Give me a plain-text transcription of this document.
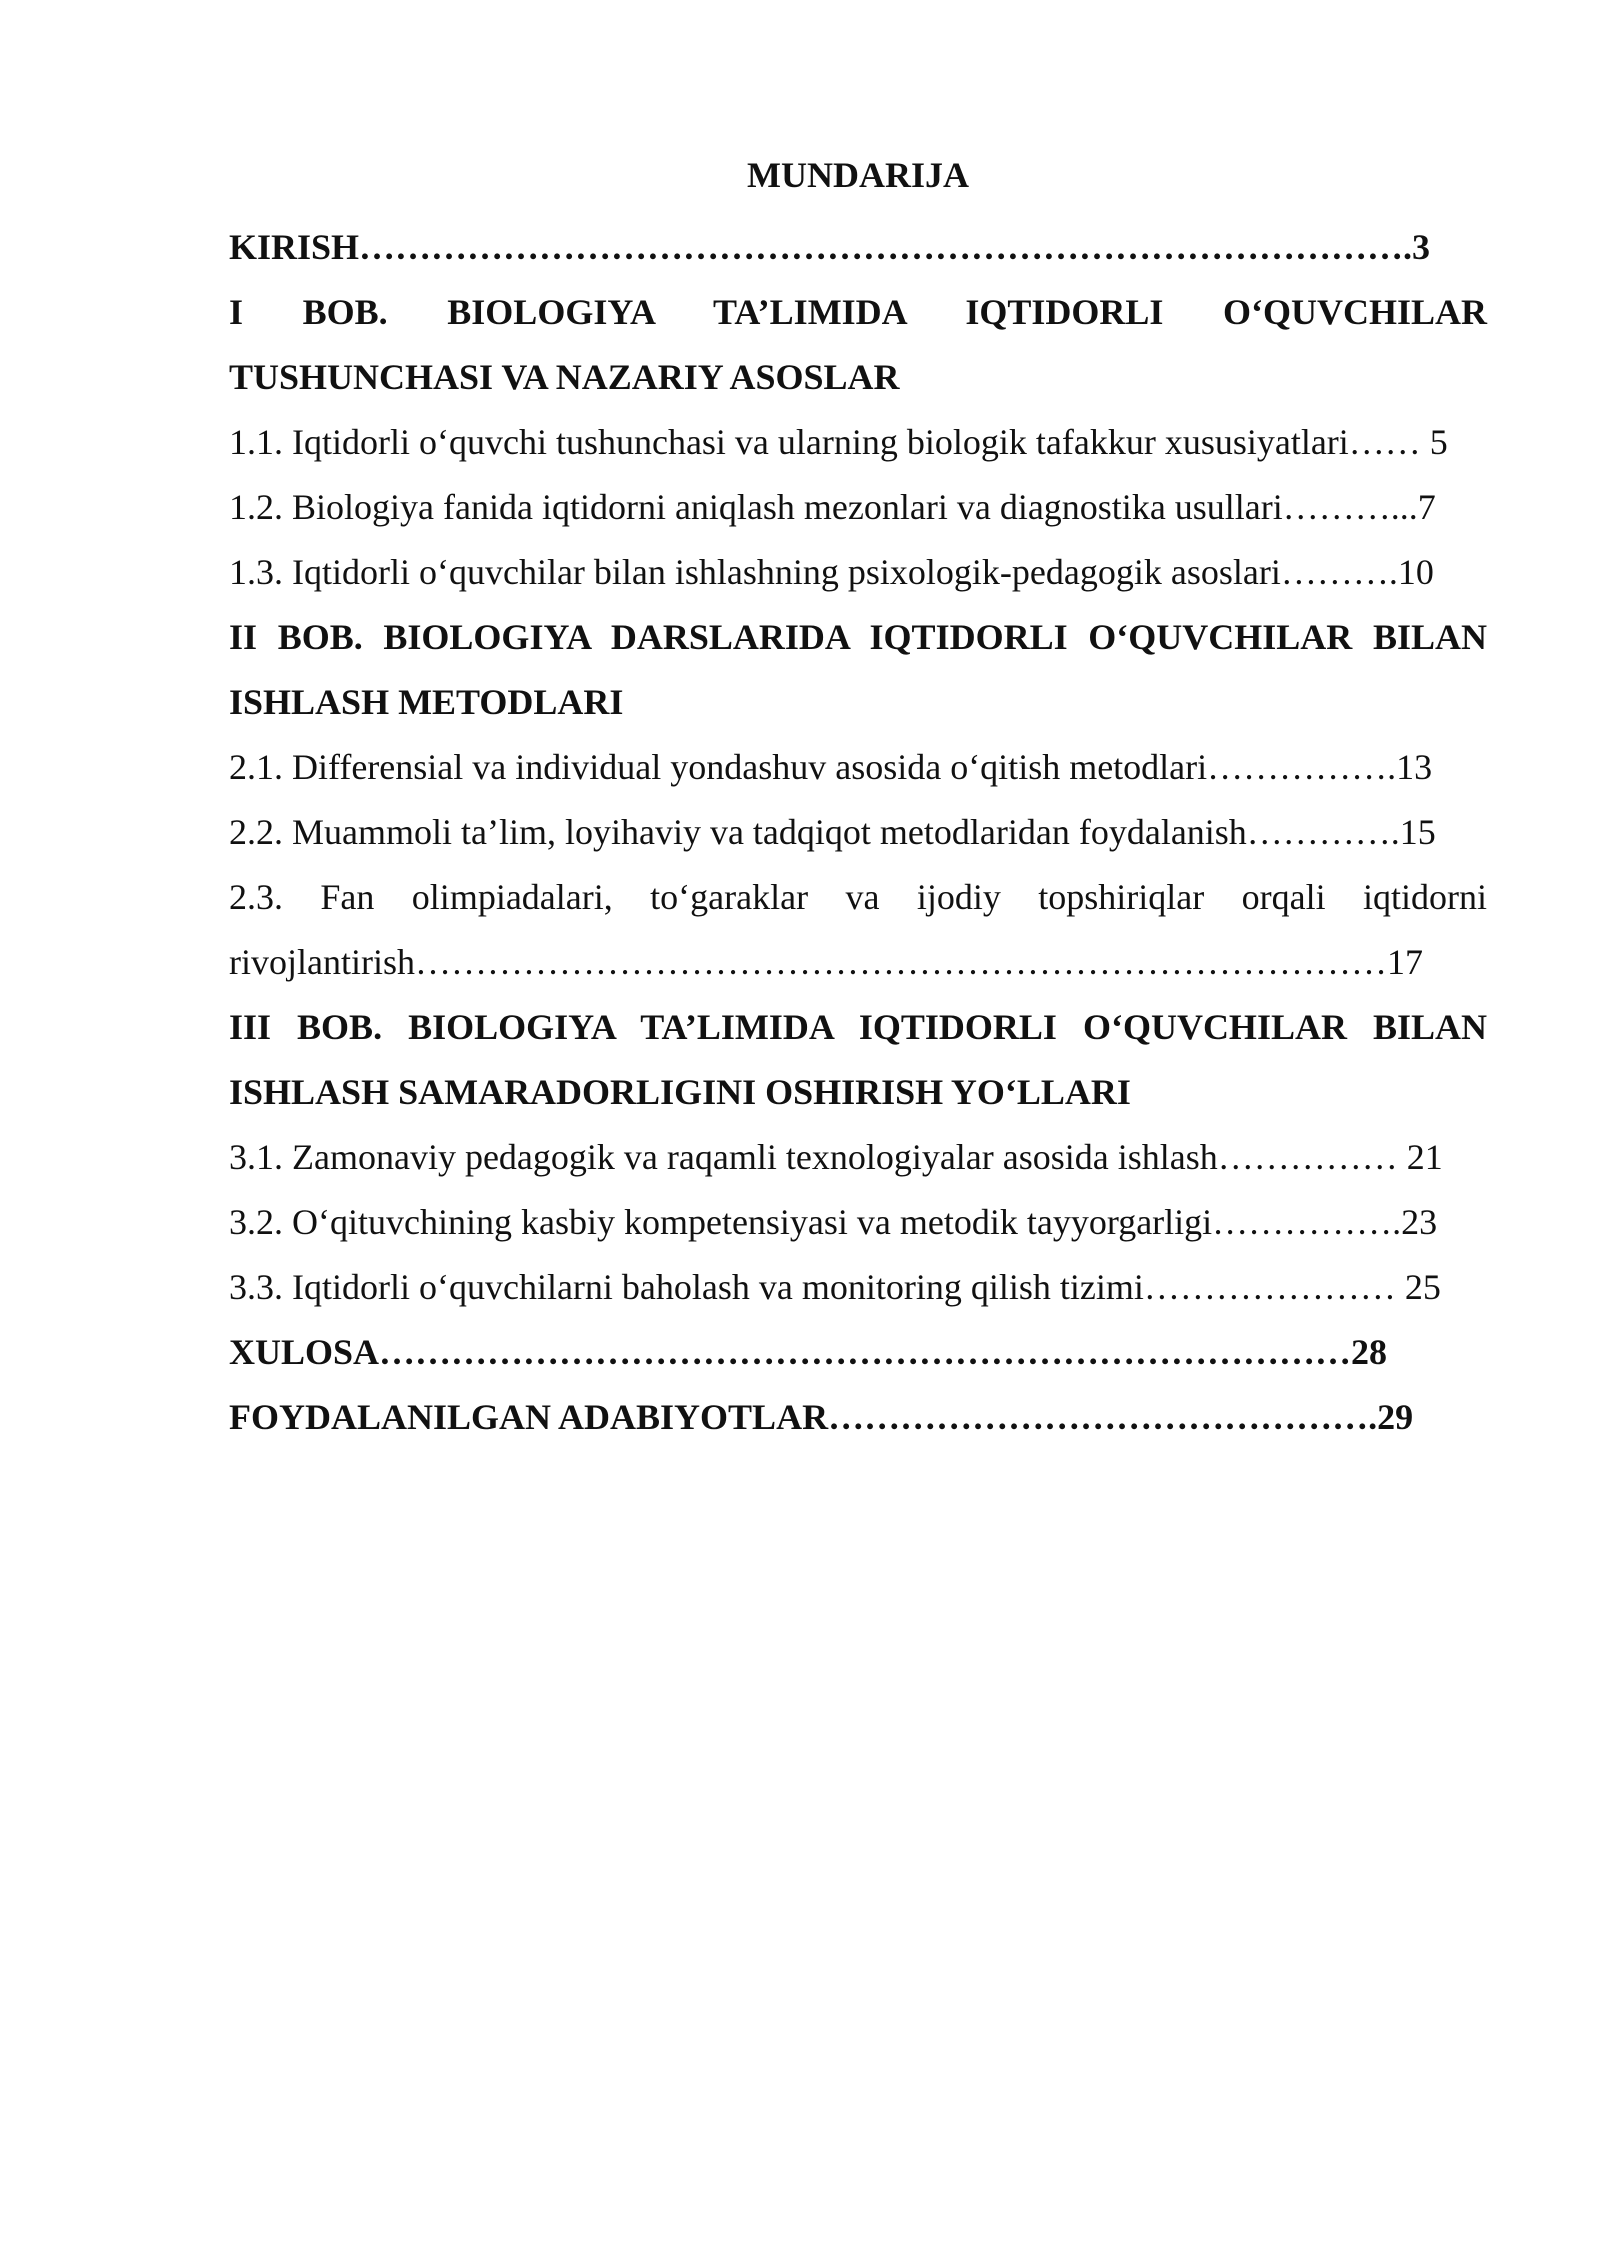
MUNDARIJA

KIRISH…………………………………………………………………………….3

I BOB. BIOLOGIYA TA’LIMIDA IQTIDORLI O‘QUVCHILAR TUSHUNCHASI VA NAZARIY ASOSLAR

1.1. Iqtidorli o‘quvchi tushunchasi va ularning biologik tafakkur xususiyatlari…… 5

1.2. Biologiya fanida iqtidorni aniqlash mezonlari va diagnostika usullari………...7

1.3. Iqtidorli o‘quvchilar bilan ishlashning psixologik-pedagogik asoslari……….10

II BOB. BIOLOGIYA DARSLARIDA IQTIDORLI O‘QUVCHILAR BILAN ISHLASH METODLARI

2.1. Differensial va individual yondashuv asosida o‘qitish metodlari…………….13

2.2. Muammoli ta’lim, loyihaviy va tadqiqot metodlaridan foydalanish………….15

2.3. Fan olimpiadalari, to‘garaklar va ijodiy topshiriqlar orqali iqtidorni rivojlantirish………………………………………………………………………17

III BOB. BIOLOGIYA TA’LIMIDA IQTIDORLI O‘QUVCHILAR BILAN ISHLASH SAMARADORLIGINI OSHIRISH YO‘LLARI

3.1. Zamonaviy pedagogik va raqamli texnologiyalar asosida ishlash…………… 21

3.2. O‘qituvchining kasbiy kompetensiyasi va metodik tayyorgarligi…………….23

3.3. Iqtidorli o‘quvchilarni baholash va monitoring qilish tizimi………………… 25

XULOSA………………………………………………………………………28

FOYDALANILGAN ADABIYOTLAR……………………………………….29
